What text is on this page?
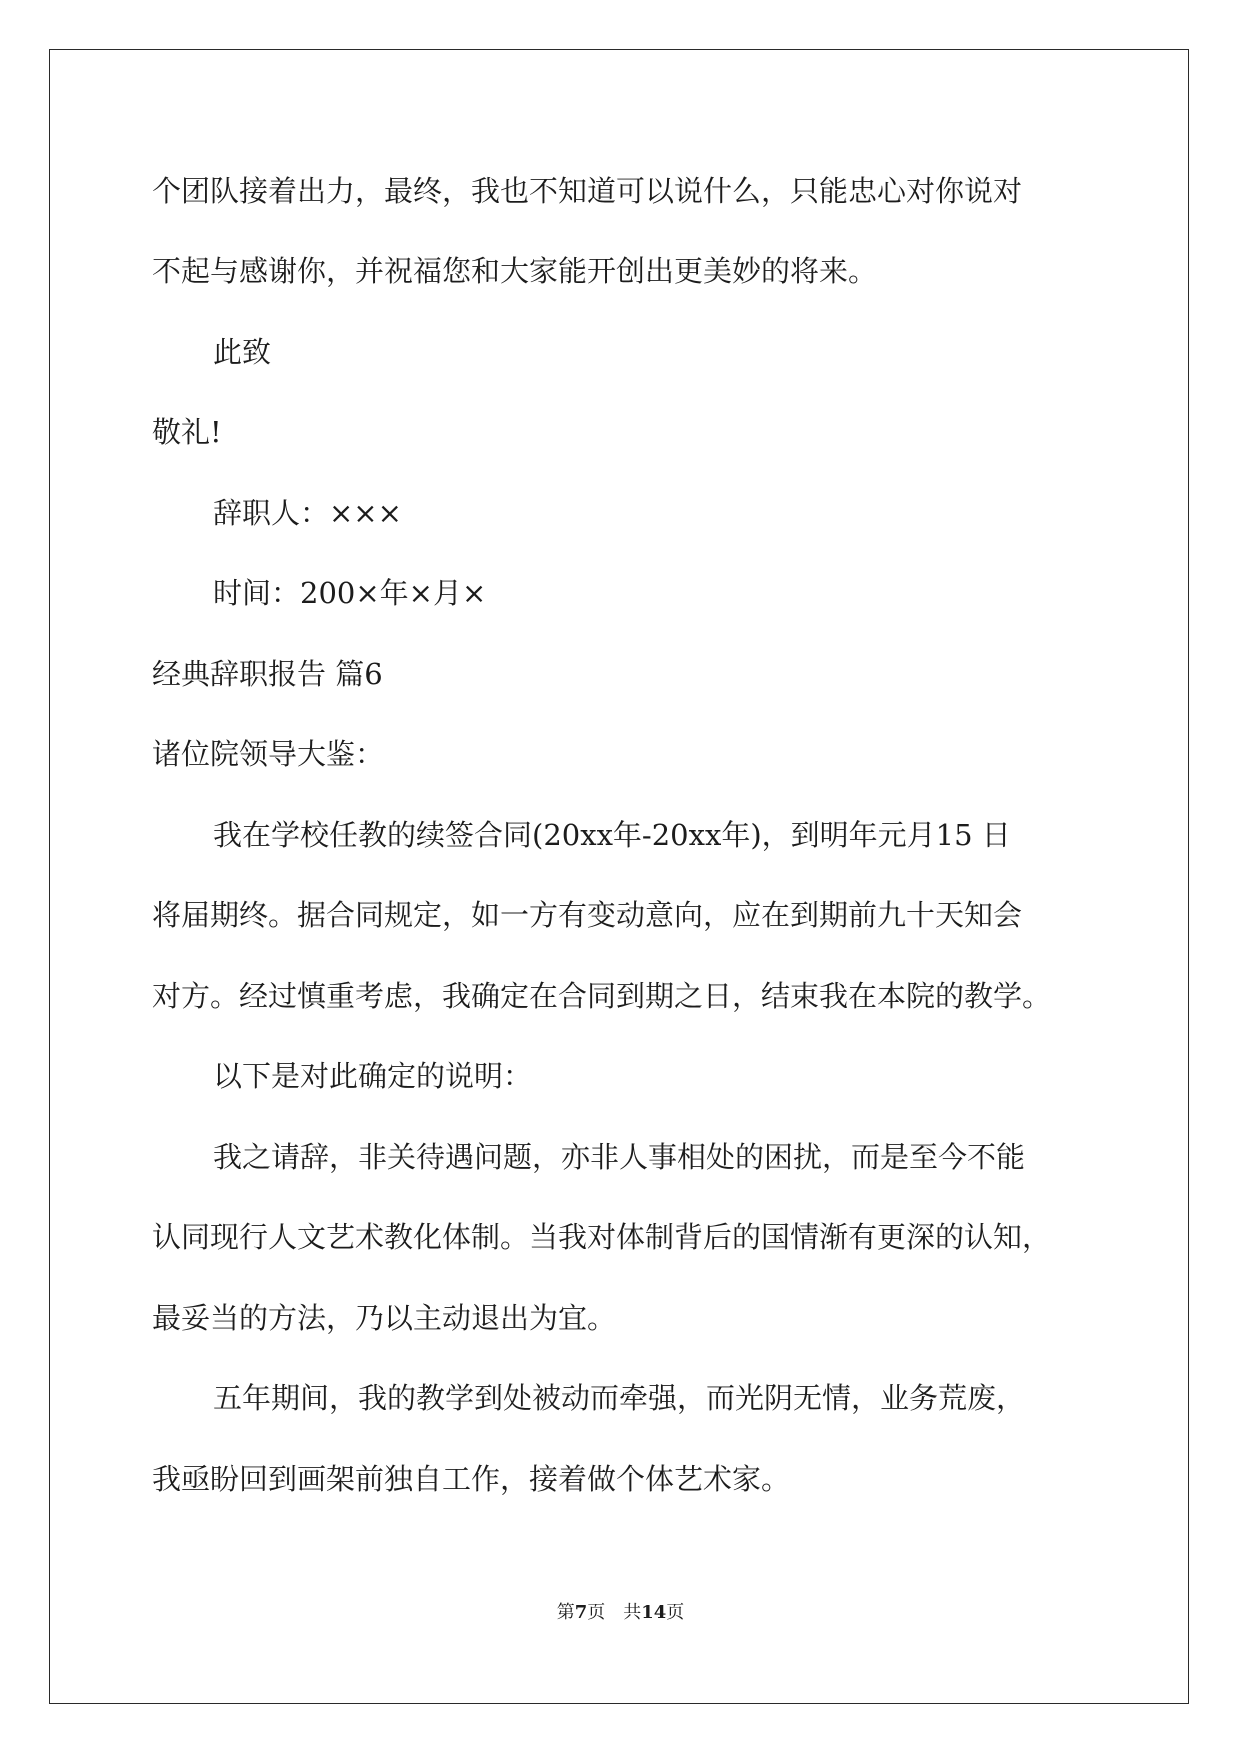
个团队接着出力，最终，我也不知道可以说什么，只能忠心对你说对
不起与感谢你，并祝福您和大家能开创出更美妙的将来。
此致
敬礼!
辞职人：×××
时间：200×年×月×
经典辞职报告 篇6
诸位院领导大鉴：
我在学校任教的续签合同(20xx年-20xx年)，到明年元月15 日
将届期终。据合同规定，如一方有变动意向，应在到期前九十天知会
对方。经过慎重考虑，我确定在合同到期之日，结束我在本院的教学。
以下是对此确定的说明：
我之请辞，非关待遇问题，亦非人事相处的困扰，而是至今不能
认同现行人文艺术教化体制。当我对体制背后的国情渐有更深的认知，
最妥当的方法，乃以主动退出为宜。
五年期间，我的教学到处被动而牵强，而光阴无情，业务荒废，
我亟盼回到画架前独自工作，接着做个体艺术家。
第7页 共14页
